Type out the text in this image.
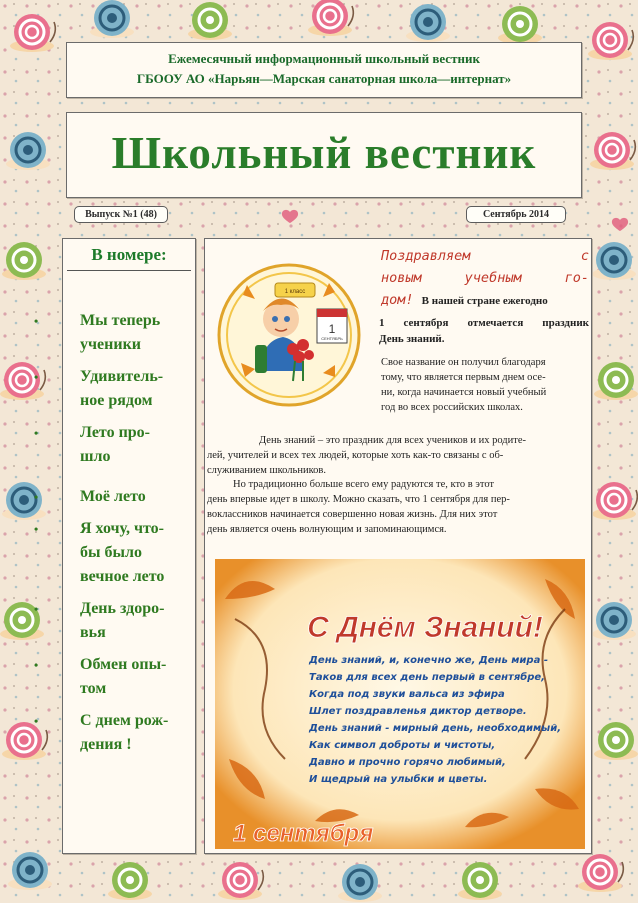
Ежемесячный информационный школьный вестник
ГБООУ АО «Нарьян—Марская санаторная школа—интернат»
Школьный вестник
Выпуск №1 (48)	Сентябрь 2014
В номере:
•	Мы теперь
ученики
•	Удивитель-
ное рядом
•	Лето про-
шло
•	Моё лето
•	Я хочу, что-
бы было
вечное лето
•	День здоро-
вья
•	Обмен опы-
том
•	С днем рож-
дения !
1
СЕНТЯБРЬ
1 класс
Поздравляем с
новым учебным го-
дом! В нашей стране ежегодно
1 сентября отмечается праздник
День знаний.
Свое название он получил благодаря
тому, что является первым днем осе-
ни, когда начинается новый учебный
год во всех российских школах.
День знаний – это праздник для всех учеников и их родите-
лей, учителей и всех тех людей, которые хоть как-то связаны с об-
служиванием школьников.
Но традиционно больше всего ему радуются те, кто в этот
день впервые идет в школу. Можно сказать, что 1 сентября для пер-
воклассников начинается совершенно новая жизнь. Для них этот
день является очень волнующим и запоминающимся.
С Днём Знаний!
День знаний, и, конечно же, День мира -
Таков для всех день первый в сентябре,
Когда под звуки вальса из эфира
Шлет поздравленья диктор детворе.
День знаний - мирный день, необходимый,
Как символ доброты и чистоты,
Давно и прочно горячо любимый,
И щедрый на улыбки и цветы.
1 сентября
